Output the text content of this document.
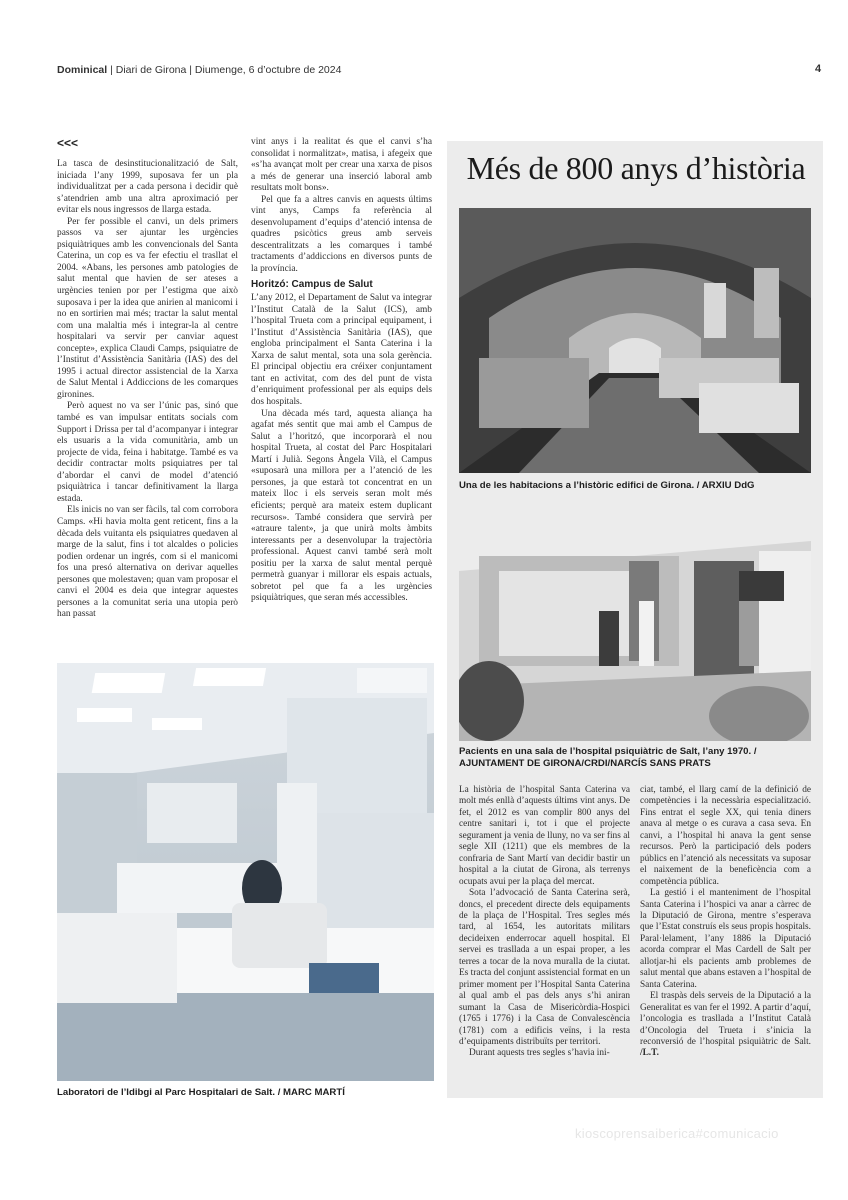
Dominical | Diari de Girona | Diumenge, 6 d’octubre de 2024	4
<<<

La tasca de desinstitucionalització de Salt, iniciada l’any 1999, suposava fer un pla individualitzat per a cada persona i decidir què s’atendrien amb una altra aproximació per evitar els nous ingressos de llarga estada.

Per fer possible el canvi, un dels primers passos va ser ajuntar les urgències psiquiàtriques amb les convencionals del Santa Caterina, un cop es va fer efectiu el trasllat el 2004. «Abans, les persones amb patologies de salut mental que havien de ser ateses a urgències tenien por per l’estigma que això suposava i per la idea que anirien al manicomi i no en sortirien mai més; tractar la salut mental com una malaltia més i integrar-la al centre hospitalari va servir per canviar aquest concepte», explica Claudi Camps, psiquiatre de l’Institut d’Assistència Sanitària (IAS) des del 1995 i actual director assistencial de la Xarxa de Salut Mental i Addiccions de les comarques gironines.

Però aquest no va ser l’únic pas, sinó que també es van impulsar entitats socials com Support i Drissa per tal d’acompanyar i integrar els usuaris a la vida comunitària, amb un projecte de vida, feina i habitatge. També es va decidir contractar molts psiquiatres per tal d’abordar el canvi de model d’atenció psiquiàtrica i tancar definitivament la llarga estada.

Els inicis no van ser fàcils, tal com corrobora Camps. «Hi havia molta gent reticent, fins a la dècada dels vuitanta els psiquiatres quedaven al marge de la salut, fins i tot alcaldes o policies podien ordenar un ingrés, com si el manicomi fos una presó alternativa on derivar aquelles persones que molestaven; quan vam proposar el canvi el 2004 es deia que integrar aquestes persones a la comunitat seria una utopia però han passat

vint anys i la realitat és que el canvi s’ha consolidat i normalitzat», matisa, i afegeix que «s’ha avançat molt per crear una xarxa de pisos a més de generar una inserció laboral amb resultats molt bons».

Pel que fa a altres canvis en aquests últims vint anys, Camps fa referència al desenvolupament d’equips d’atenció intensa de quadres psicòtics greus amb serveis descentralitzats a les comarques i també tractaments d’addiccions en diversos punts de la província.

Horitzó: Campus de Salut

L’any 2012, el Departament de Salut va integrar l’Institut Català de la Salut (ICS), amb l’hospital Trueta com a principal equipament, i l’Institut d’Assistència Sanitària (IAS), que engloba principalment el Santa Caterina i la Xarxa de salut mental, sota una sola gerència. El principal objectiu era créixer conjuntament tant en activitat, com des del punt de vista d’enriquiment professional per als equips dels dos hospitals.

Una dècada més tard, aquesta aliança ha agafat més sentit que mai amb el Campus de Salut a l’horitzó, que incorporarà el nou hospital Trueta, al costat del Parc Hospitalari Martí i Julià. Segons Àngela Vilà, el Campus «suposarà una millora per a l’atenció de les persones, ja que estarà tot concentrat en un mateix lloc i els serveis seran molt més eficients; perquè ara mateix estem duplicant recursos». També considera que servirà per «atraure talent», ja que unirà molts àmbits interessants per a desenvolupar la trajectòria professional. Aquest canvi també serà molt positiu per la xarxa de salut mental perquè permetrà guanyar i millorar els espais actuals, sobretot pel que fa a les urgències psiquiàtriques, que seran més accessibles.

Laboratori de l’Idibgi al Parc Hospitalari de Salt. / MARC MARTÍ
Més de 800 anys d’història
Una de les habitacions a l’històric edifici de Girona. / ARXIU DdG
Pacients en una sala de l’hospital psiquiàtric de Salt, l’any 1970. /
AJUNTAMENT DE GIRONA/CRDI/NARCÍS SANS PRATS

La història de l’hospital Santa Caterina va molt més enllà d’aquests últims vint anys. De fet, el 2012 es van complir 800 anys del centre sanitari i, tot i que el projecte segurament ja venia de lluny, no va ser fins al segle XII (1211) que els membres de la confraria de Sant Martí van decidir bastir un hospital a la ciutat de Girona, als terrenys ocupats avui per la plaça del mercat.

Sota l’advocació de Santa Caterina serà, doncs, el precedent directe dels equipaments de la plaça de l’Hospital. Tres segles més tard, al 1654, les autoritats militars decideixen enderrocar aquell hospital. El servei es traslladа a un espai proper, a les terres a tocar de la nova muralla de la ciutat. Es tracta del conjunt assistencial format en un primer moment per l’Hospital Santa Caterina al qual amb el pas dels anys s’hi aniran sumant la Casa de Misericòrdia-Hospici (1765 i 1776) i la Casa de Convalescència (1781) com a edificis veïns, i la resta d’equipaments distribuïts per territori.

Durant aquests tres segles s’havia ini-

ciat, també, el llarg camí de la definició de competències i la necessària especialització. Fins entrat el segle XX, qui tenia diners anava al metge o es curava a casa seva. En canvi, a l’hospital hi anava la gent sense recursos. Però la participació dels poders públics en l’atenció als necessitats va suposar el naixement de la beneficència com a competència pública.

La gestió i el manteniment de l’hospital Santa Caterina i l’hospici va anar a càrrec de la Diputació de Girona, mentre s’esperava que l’Estat construís els seus propis hospitals. Paral·lelament, l’any 1886 la Diputació acorda comprar el Mas Cardell de Salt per allotjar-hi els pacients amb problemes de salut mental que abans estaven a l’hospital de Santa Caterina.

El traspàs dels serveis de la Diputació a la Generalitat es van fer el 1992. A partir d’aquí, l’oncologia es trasllada a l’Institut Català d’Oncologia del Trueta i s’inicia la reconversió de l’hospital psiquiàtric de Salt. /L.T.

kioscoprensaiberica#comunicacio
